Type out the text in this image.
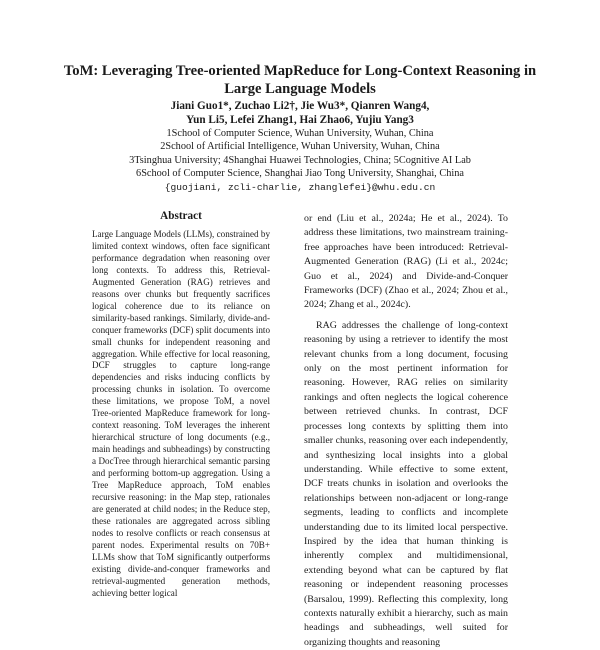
ToM: Leveraging Tree-oriented MapReduce for Long-Context Reasoning in Large Language Models
Jiani Guo1*, Zuchao Li2†, Jie Wu3*, Qianren Wang4,
Yun Li5, Lefei Zhang1, Hai Zhao6, Yujiu Yang3
1School of Computer Science, Wuhan University, Wuhan, China
2School of Artificial Intelligence, Wuhan University, Wuhan, China
3Tsinghua University; 4Shanghai Huawei Technologies, China; 5Cognitive AI Lab
6School of Computer Science, Shanghai Jiao Tong University, Shanghai, China
{guojiani, zcli-charlie, zhanglefei}@whu.edu.cn
Abstract
Large Language Models (LLMs), constrained by limited context windows, often face significant performance degradation when reasoning over long contexts. To address this, Retrieval-Augmented Generation (RAG) retrieves and reasons over chunks but frequently sacrifices logical coherence due to its reliance on similarity-based rankings. Similarly, divide-and-conquer frameworks (DCF) split documents into small chunks for independent reasoning and aggregation. While effective for local reasoning, DCF struggles to capture long-range dependencies and risks inducing conflicts by processing chunks in isolation. To overcome these limitations, we propose ToM, a novel Tree-oriented MapReduce framework for long-context reasoning. ToM leverages the inherent hierarchical structure of long documents (e.g., main headings and subheadings) by constructing a DocTree through hierarchical semantic parsing and performing bottom-up aggregation. Using a Tree MapReduce approach, ToM enables recursive reasoning: in the Map step, rationales are generated at child nodes; in the Reduce step, these rationales are aggregated across sibling nodes to resolve conflicts or reach consensus at parent nodes. Experimental results on 70B+ LLMs show that ToM significantly outperforms existing divide-and-conquer frameworks and retrieval-augmented generation methods, achieving better logical

or end (Liu et al., 2024a; He et al., 2024). To address these limitations, two mainstream training-free approaches have been introduced: Retrieval-Augmented Generation (RAG) (Li et al., 2024c; Guo et al., 2024) and Divide-and-Conquer Frameworks (DCF) (Zhao et al., 2024; Zhou et al., 2024; Zhang et al., 2024c).

RAG addresses the challenge of long-context reasoning by using a retriever to identify the most relevant chunks from a long document, focusing only on the most pertinent information for reasoning. However, RAG relies on similarity rankings and often neglects the logical coherence between retrieved chunks. In contrast, DCF processes long contexts by splitting them into smaller chunks, reasoning over each independently, and synthesizing local insights into a global understanding. While effective to some extent, DCF treats chunks in isolation and overlooks the relationships between non-adjacent or long-range segments, leading to conflicts and incomplete understanding due to its limited local perspective. Inspired by the idea that human thinking is inherently complex and multidimensional, extending beyond what can be captured by flat reasoning or independent reasoning processes (Barsalou, 1999). Reflecting this complexity, long contexts naturally exhibit a hierarchy, such as main headings and subheadings, well suited for organizing thoughts and reasoning
